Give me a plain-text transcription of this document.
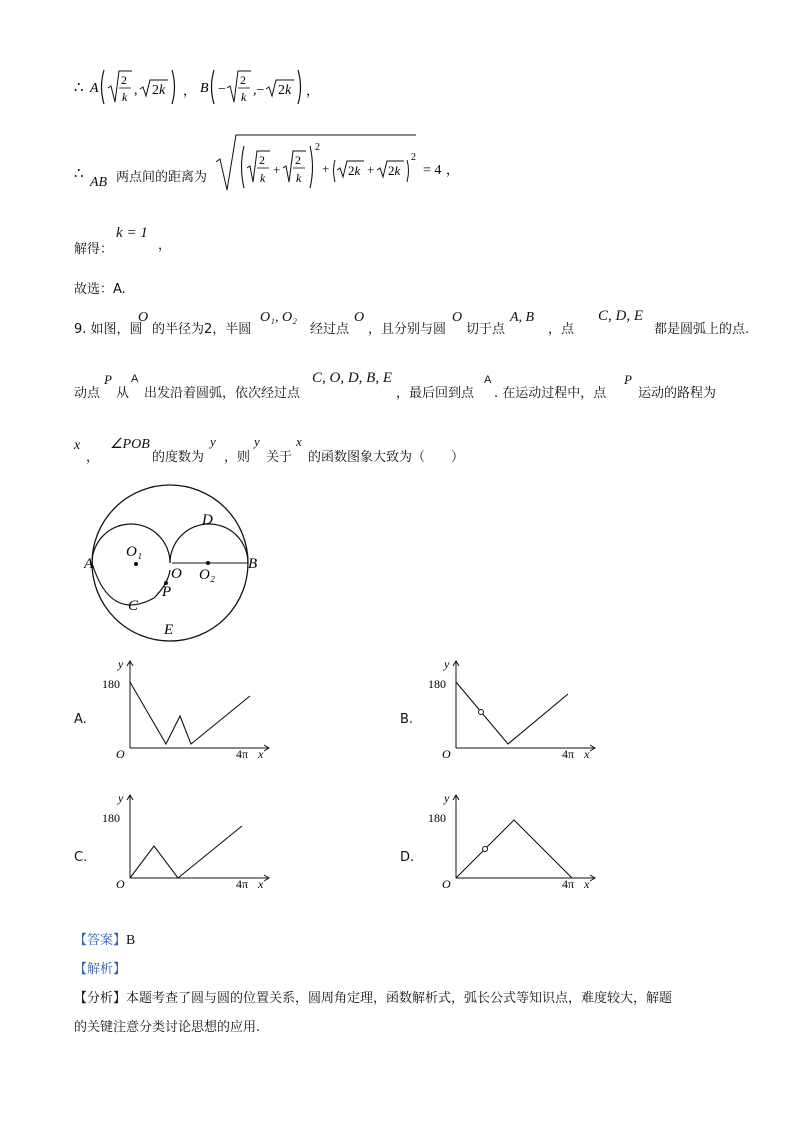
∴ A
2
k , 2k ， B −
2
k ,− 2k ，
∴
AB 两点间的距离为
2
k
+
2
k
2
+ 2k + 2k
2
= 4 ，
解得：
k = 1
，
故选：A.
9. 如图，圆
O
的半径为2，半圆
O₁, O₂
经过点
O
，且分别与圆
O
切于点
A, B
，点
C, D, E
都是圆弧上的点.
动点
P
从
A
出发沿着圆弧，依次经过点
C, O, D, B, E
，最后回到点
A
. 在运动过程中，点
P
运动的路程为
x
，
∠POB
的度数为
y
，则
y
关于
x
的函数图象大致为（　　）
A	B
D
C
E
O
O₁
O₂
P
A.
y
180
O	4π x
B.
y
180
O	4π x
C.
y
180
O	4π x
D.
y
180
O	4π x
【答案】B
【解析】
【分析】本题考查了圆与圆的位置关系，圆周角定理，函数解析式，弧长公式等知识点，难度较大，解题
的关键注意分类讨论思想的应用.
